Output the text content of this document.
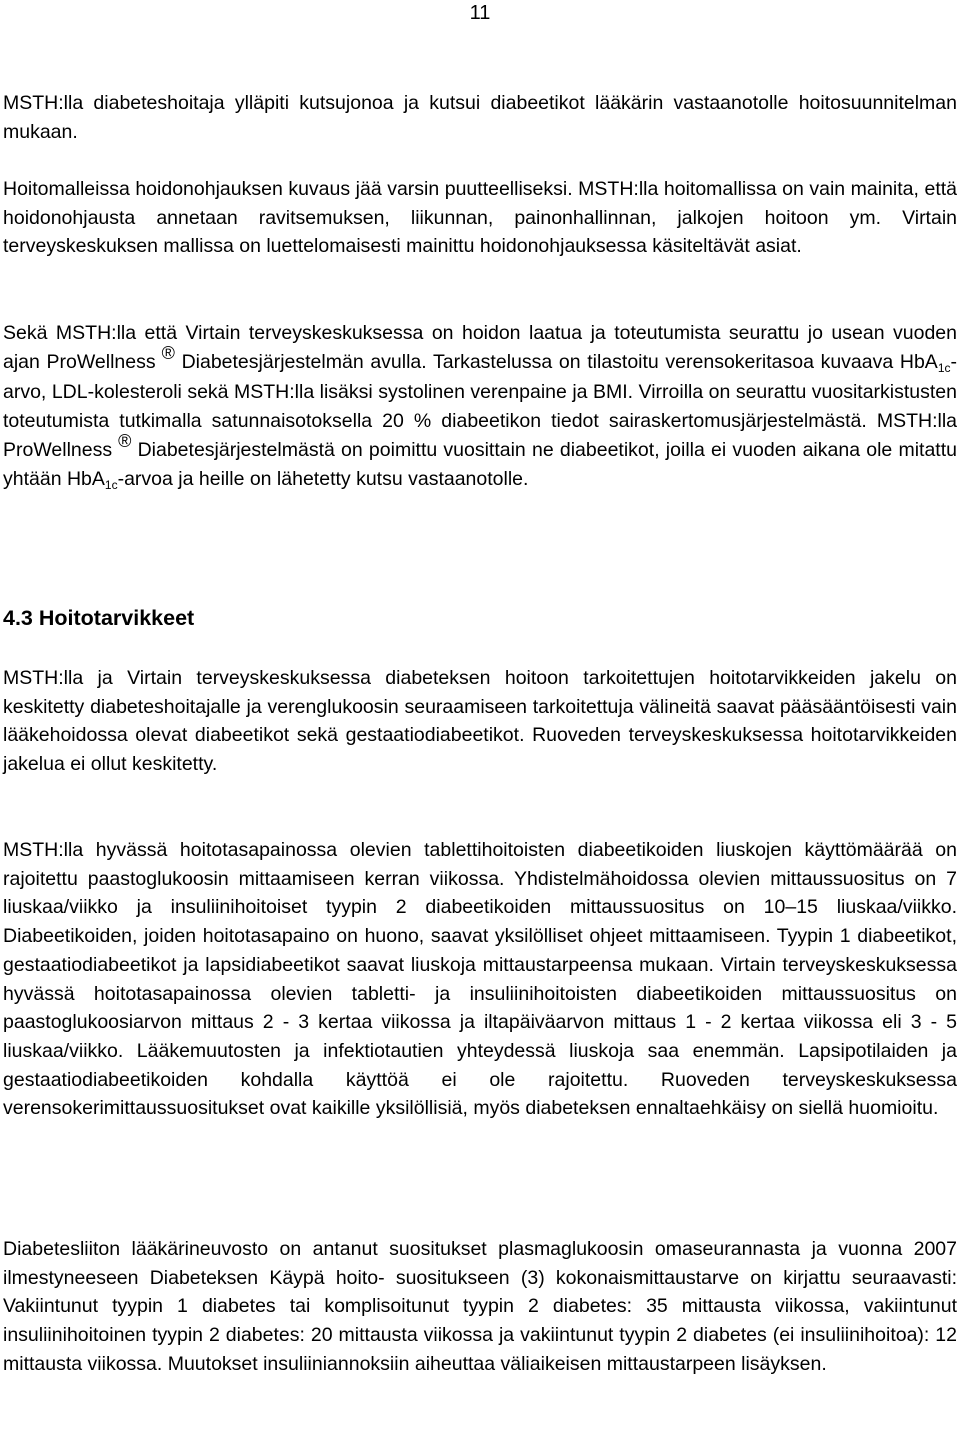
11

MSTH:lla diabeteshoitaja ylläpiti kutsujonoa ja kutsui diabeetikot lääkärin vastaanotolle hoitosuunnitelman mukaan.

Hoitomalleissa hoidonohjauksen kuvaus jää varsin puutteelliseksi. MSTH:lla hoitomallissa on vain mainita, että hoidonohjausta annetaan ravitsemuksen, liikunnan, painonhallinnan, jalkojen hoitoon ym. Virtain terveyskeskuksen mallissa on luettelomaisesti mainittu hoidonohjauksessa käsiteltävät asiat.

Sekä MSTH:lla että Virtain terveyskeskuksessa on hoidon laatua ja toteutumista seurattu jo usean vuoden ajan ProWellness ® Diabetesjärjestelmän avulla. Tarkastelussa on tilastoitu verensokeritasoa kuvaava HbA$_{1c}$-arvo, LDL-kolesteroli sekä MSTH:lla lisäksi systolinen verenpaine ja BMI. Virroilla on seurattu vuositarkistusten toteutumista tutkimalla satunnaisotoksella 20 % diabeetikon tiedot sairaskertomusjärjestelmästä. MSTH:lla ProWellness ® Diabetesjärjestelmästä on poimittu vuosittain ne diabeetikot, joilla ei vuoden aikana ole mitattu yhtään HbA$_{1c}$-arvoa ja heille on lähetetty kutsu vastaanotolle.

4.3 Hoitotarvikkeet

MSTH:lla ja Virtain terveyskeskuksessa diabeteksen hoitoon tarkoitettujen hoitotarvikkeiden jakelu on keskitetty diabeteshoitajalle ja verenglukoosin seuraamiseen tarkoitettuja välineitä saavat pääsääntöisesti vain lääkehoidossa olevat diabeetikot sekä gestaatiodiabeetikot. Ruoveden terveyskeskuksessa hoitotarvikkeiden jakelua ei ollut keskitetty.

MSTH:lla hyvässä hoitotasapainossa olevien tablettihoitoisten diabeetikoiden liuskojen käyttömäärää on rajoitettu paastoglukoosin mittaamiseen kerran viikossa. Yhdistelmähoidossa olevien mittaussuositus on 7 liuskaa/viikko ja insuliinihoitoiset tyypin 2 diabeetikoiden mittaussuositus on 10–15 liuskaa/viikko. Diabeetikoiden, joiden hoitotasapaino on huono, saavat yksilölliset ohjeet mittaamiseen. Tyypin 1 diabeetikot, gestaatiodiabeetikot ja lapsidiabeetikot saavat liuskoja mittaustarpeensa mukaan. Virtain terveyskeskuksessa hyvässä hoitotasapainossa olevien tabletti- ja insuliinihoitoisten diabeetikoiden mittaussuositus on paastoglukoosiarvon mittaus 2 - 3 kertaa viikossa ja iltapäiväarvon mittaus 1 - 2 kertaa viikossa eli 3 - 5 liuskaa/viikko. Lääkemuutosten ja infektiotautien yhteydessä liuskoja saa enemmän. Lapsipotilaiden ja gestaatiodiabeetikoiden kohdalla käyttöä ei ole rajoitettu. Ruoveden terveyskeskuksessa verensokerimittaussuositukset ovat kaikille yksilöllisiä, myös diabeteksen ennaltaehkäisy on siellä huomioitu.

Diabetesliiton lääkärineuvosto on antanut suositukset plasmaglukoosin omaseurannasta ja vuonna 2007 ilmestyneeseen Diabeteksen Käypä hoito- suositukseen (3) kokonaismittaustarve on kirjattu seuraavasti: Vakiintunut tyypin 1 diabetes tai komplisoitunut tyypin 2 diabetes: 35 mittausta viikossa, vakiintunut insuliinihoitoinen tyypin 2 diabetes: 20 mittausta viikossa ja vakiintunut tyypin 2 diabetes (ei insuliinihoitoa): 12 mittausta viikossa. Muutokset insuliiniannoksiin aiheuttaa väliaikeisen mittaustarpeen lisäyksen.
